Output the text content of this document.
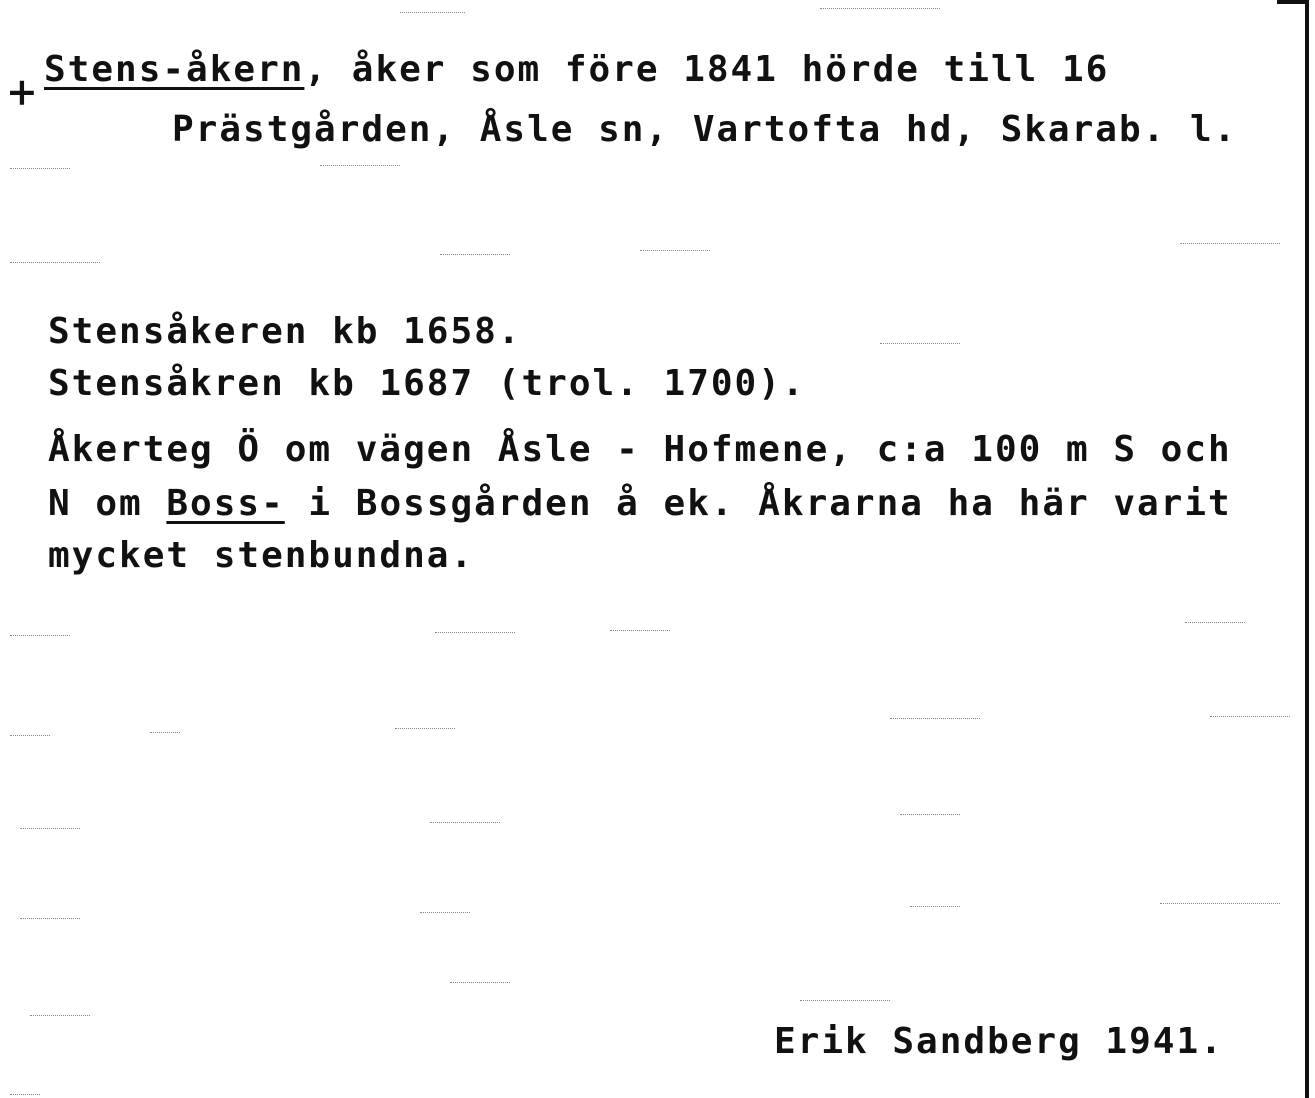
+ Stens-åkern, åker som före 1841 hörde till 16
Prästgården, Åsle sn, Vartofta hd, Skarab. l.
Stensåkeren kb 1658.
Stensåkren kb 1687 (trol. 1700).
Åkerteg Ö om vägen Åsle - Hofmene, c:a 100 m S och
N om Boss- i Bossgården å ek. Åkrarna ha här varit
mycket stenbundna.
Erik Sandberg 1941.
